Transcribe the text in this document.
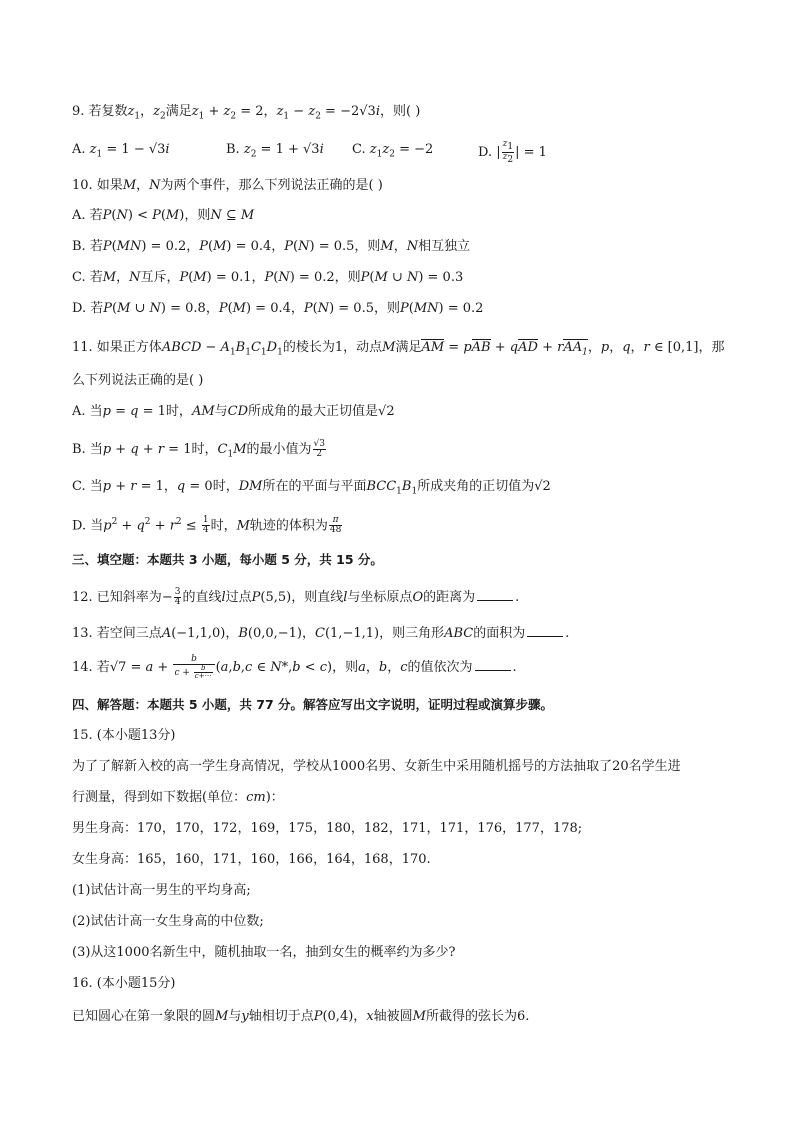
9. 若复数$z_1$，$z_2$满足$z_1 + z_2 = 2$，$z_1 - z_2 = -2√3i$，则( )
A. $z_1 = 1 - √3i$	B. $z_2 = 1 + √3i$ C. $z_1z_2 = -2$	D. | $\frac{z_1}{z_2}$ | = 1
10. 如果M，N为两个事件，那么下列说法正确的是( )
A. 若P(N) < P(M)，则N ⊆ M
B. 若P(MN) = 0.2，P(M) = 0.4，P(N) = 0.5，则M，N相互独立
C. 若M，N互斥，P(M) = 0.1，P(N) = 0.2，则P(M ∪ N) = 0.3
D. 若P(M ∪ N) = 0.8，P(M) = 0.4，P(N) = 0.5，则P(MN) = 0.2
11. 如果正方体ABCD − $A_1B_1C_1D_1$的棱长为1，动点M满足AM = pAB + qAD + rAA$_1$，p，q，r ∈ [0,1]，那
么下列说法正确的是( )
A. 当p = q = 1时，AM与CD所成角的最大正切值是√2
B. 当p + q + r = 1时，$C_1M$的最小值为 $\frac{√3}{2}$
C. 当p + r = 1，q = 0时，DM所在的平面与平面$BCC_1B_1$所成夹角的正切值为√2
D. 当$p^2 + q^2 + r^2 \le \frac{1}{4}$ 时，M轨迹的体积为 $\frac{\pi}{48}$
三、填空题：本题共 3 小题，每小题 5 分，共 15 分。
12. 已知斜率为− $\frac{3}{4}$ 的直线l过点P(5,5)，则直线l与坐标原点O的距离为	.
13. 若空间三点A(−1,1,0)，B(0,0,−1)，C(1,−1,1)，则三角形ABC的面积为	.
14. 若$√7 = a + \frac{b}{c + \frac{b}{c+\cdots}} (a,b,c$ ∈ N*,b < c)，则a，b，c的值依次为	.
四、解答题：本题共 5 小题，共 77 分。解答应写出文字说明，证明过程或演算步骤。
15. (本小题13分)
为了了解新入校的高一学生身高情况，学校从1000名男、女新生中采用随机摇号的方法抽取了20名学生进
行测量，得到如下数据(单位：cm)：
男生身高：170，170，172，169，175，180，182，171，171，176，177，178;
女生身高：165，160，171，160，166，164，168，170.
(1)试估计高一男生的平均身高;
(2)试估计高一女生身高的中位数;
(3)从这1000名新生中，随机抽取一名，抽到女生的概率约为多少?
16. (本小题15分)
已知圆心在第一象限的圆M与y轴相切于点P(0,4)，x轴被圆M所截得的弦长为6.
